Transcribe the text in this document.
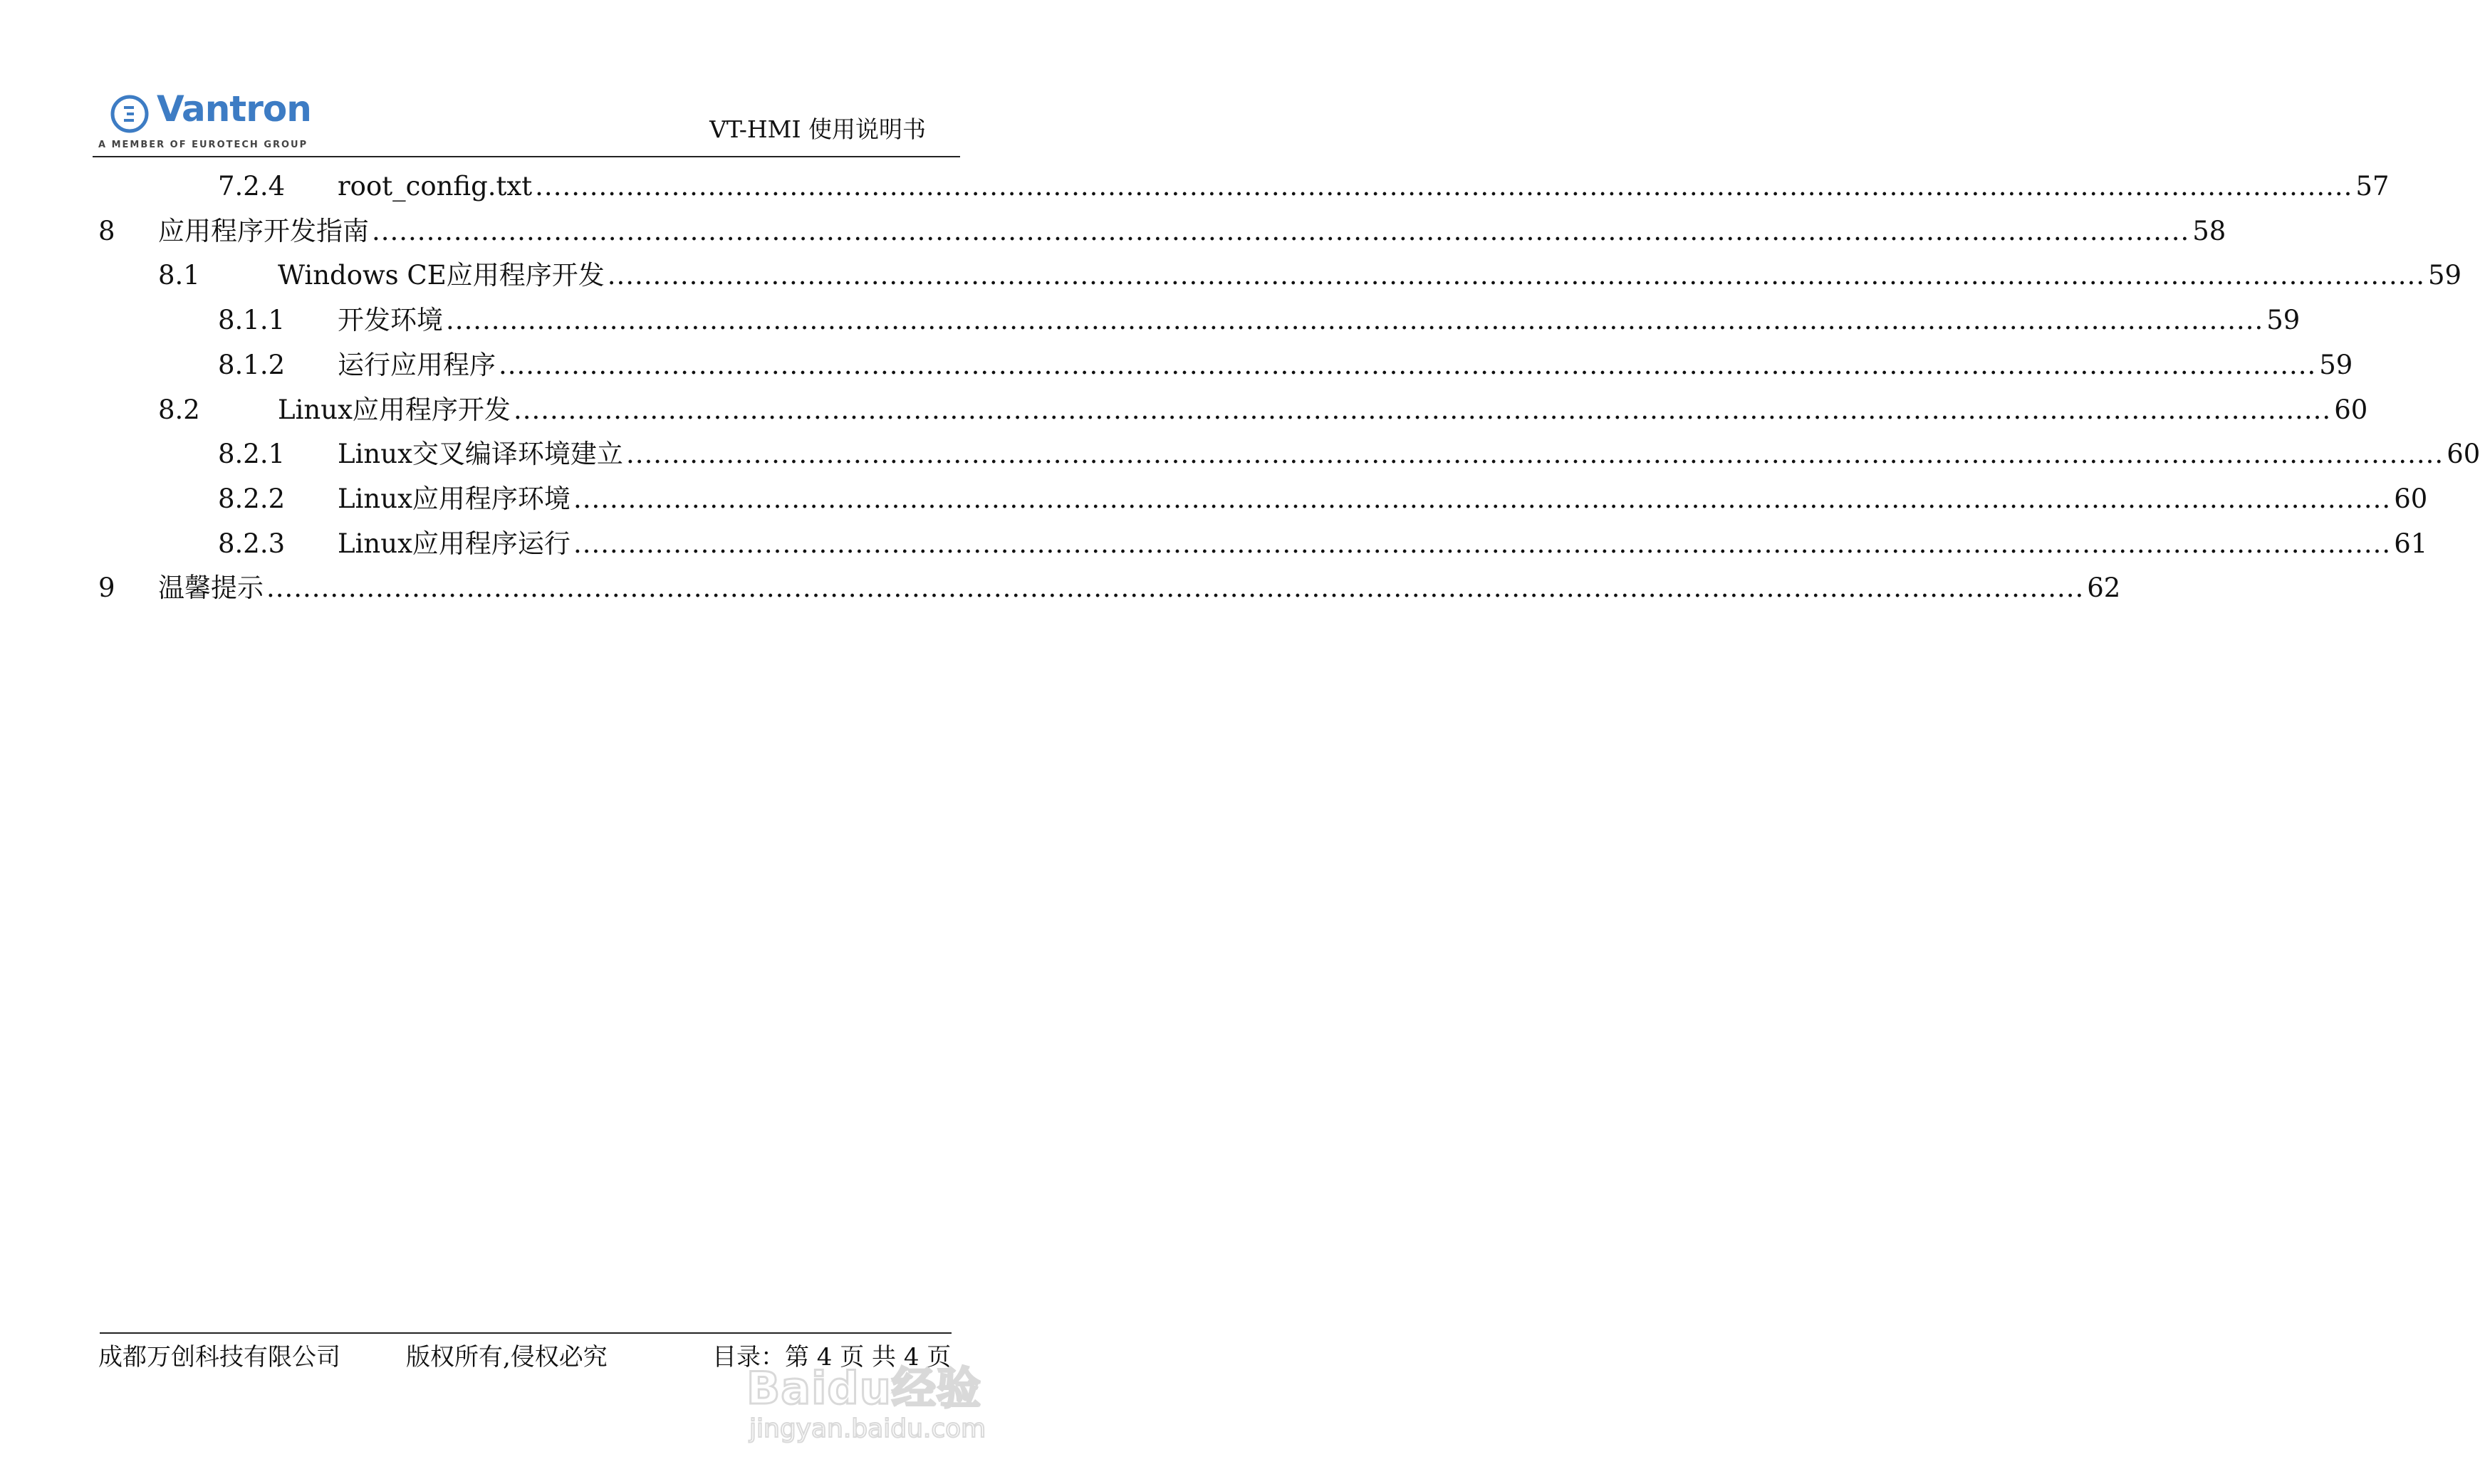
Vantron
A MEMBER OF EUROTECH GROUP
VT-HMI 使用说明书
7.2.4 root_config.txt ........................................................................................................................................................................................................ 57
8 应用程序开发指南 ........................................................................................................................................................................................................ 58
8.1	Windows CE应用程序开发 ........................................................................................................................................................................................................ 59
8.1.1 开发环境 ........................................................................................................................................................................................................ 59
8.1.2 运行应用程序 ........................................................................................................................................................................................................ 59
8.2	Linux应用程序开发 ........................................................................................................................................................................................................ 60
8.2.1 Linux交叉编译环境建立 ........................................................................................................................................................................................................ 60
8.2.2 Linux应用程序环境 ........................................................................................................................................................................................................ 60
8.2.3 Linux应用程序运行 ........................................................................................................................................................................................................ 61
9 温馨提示 ........................................................................................................................................................................................................ 62
成都万创科技有限公司	版权所有,侵权必究	目录：第 4 页 共 4 页
Baidu经验
jingyan.baidu.com
